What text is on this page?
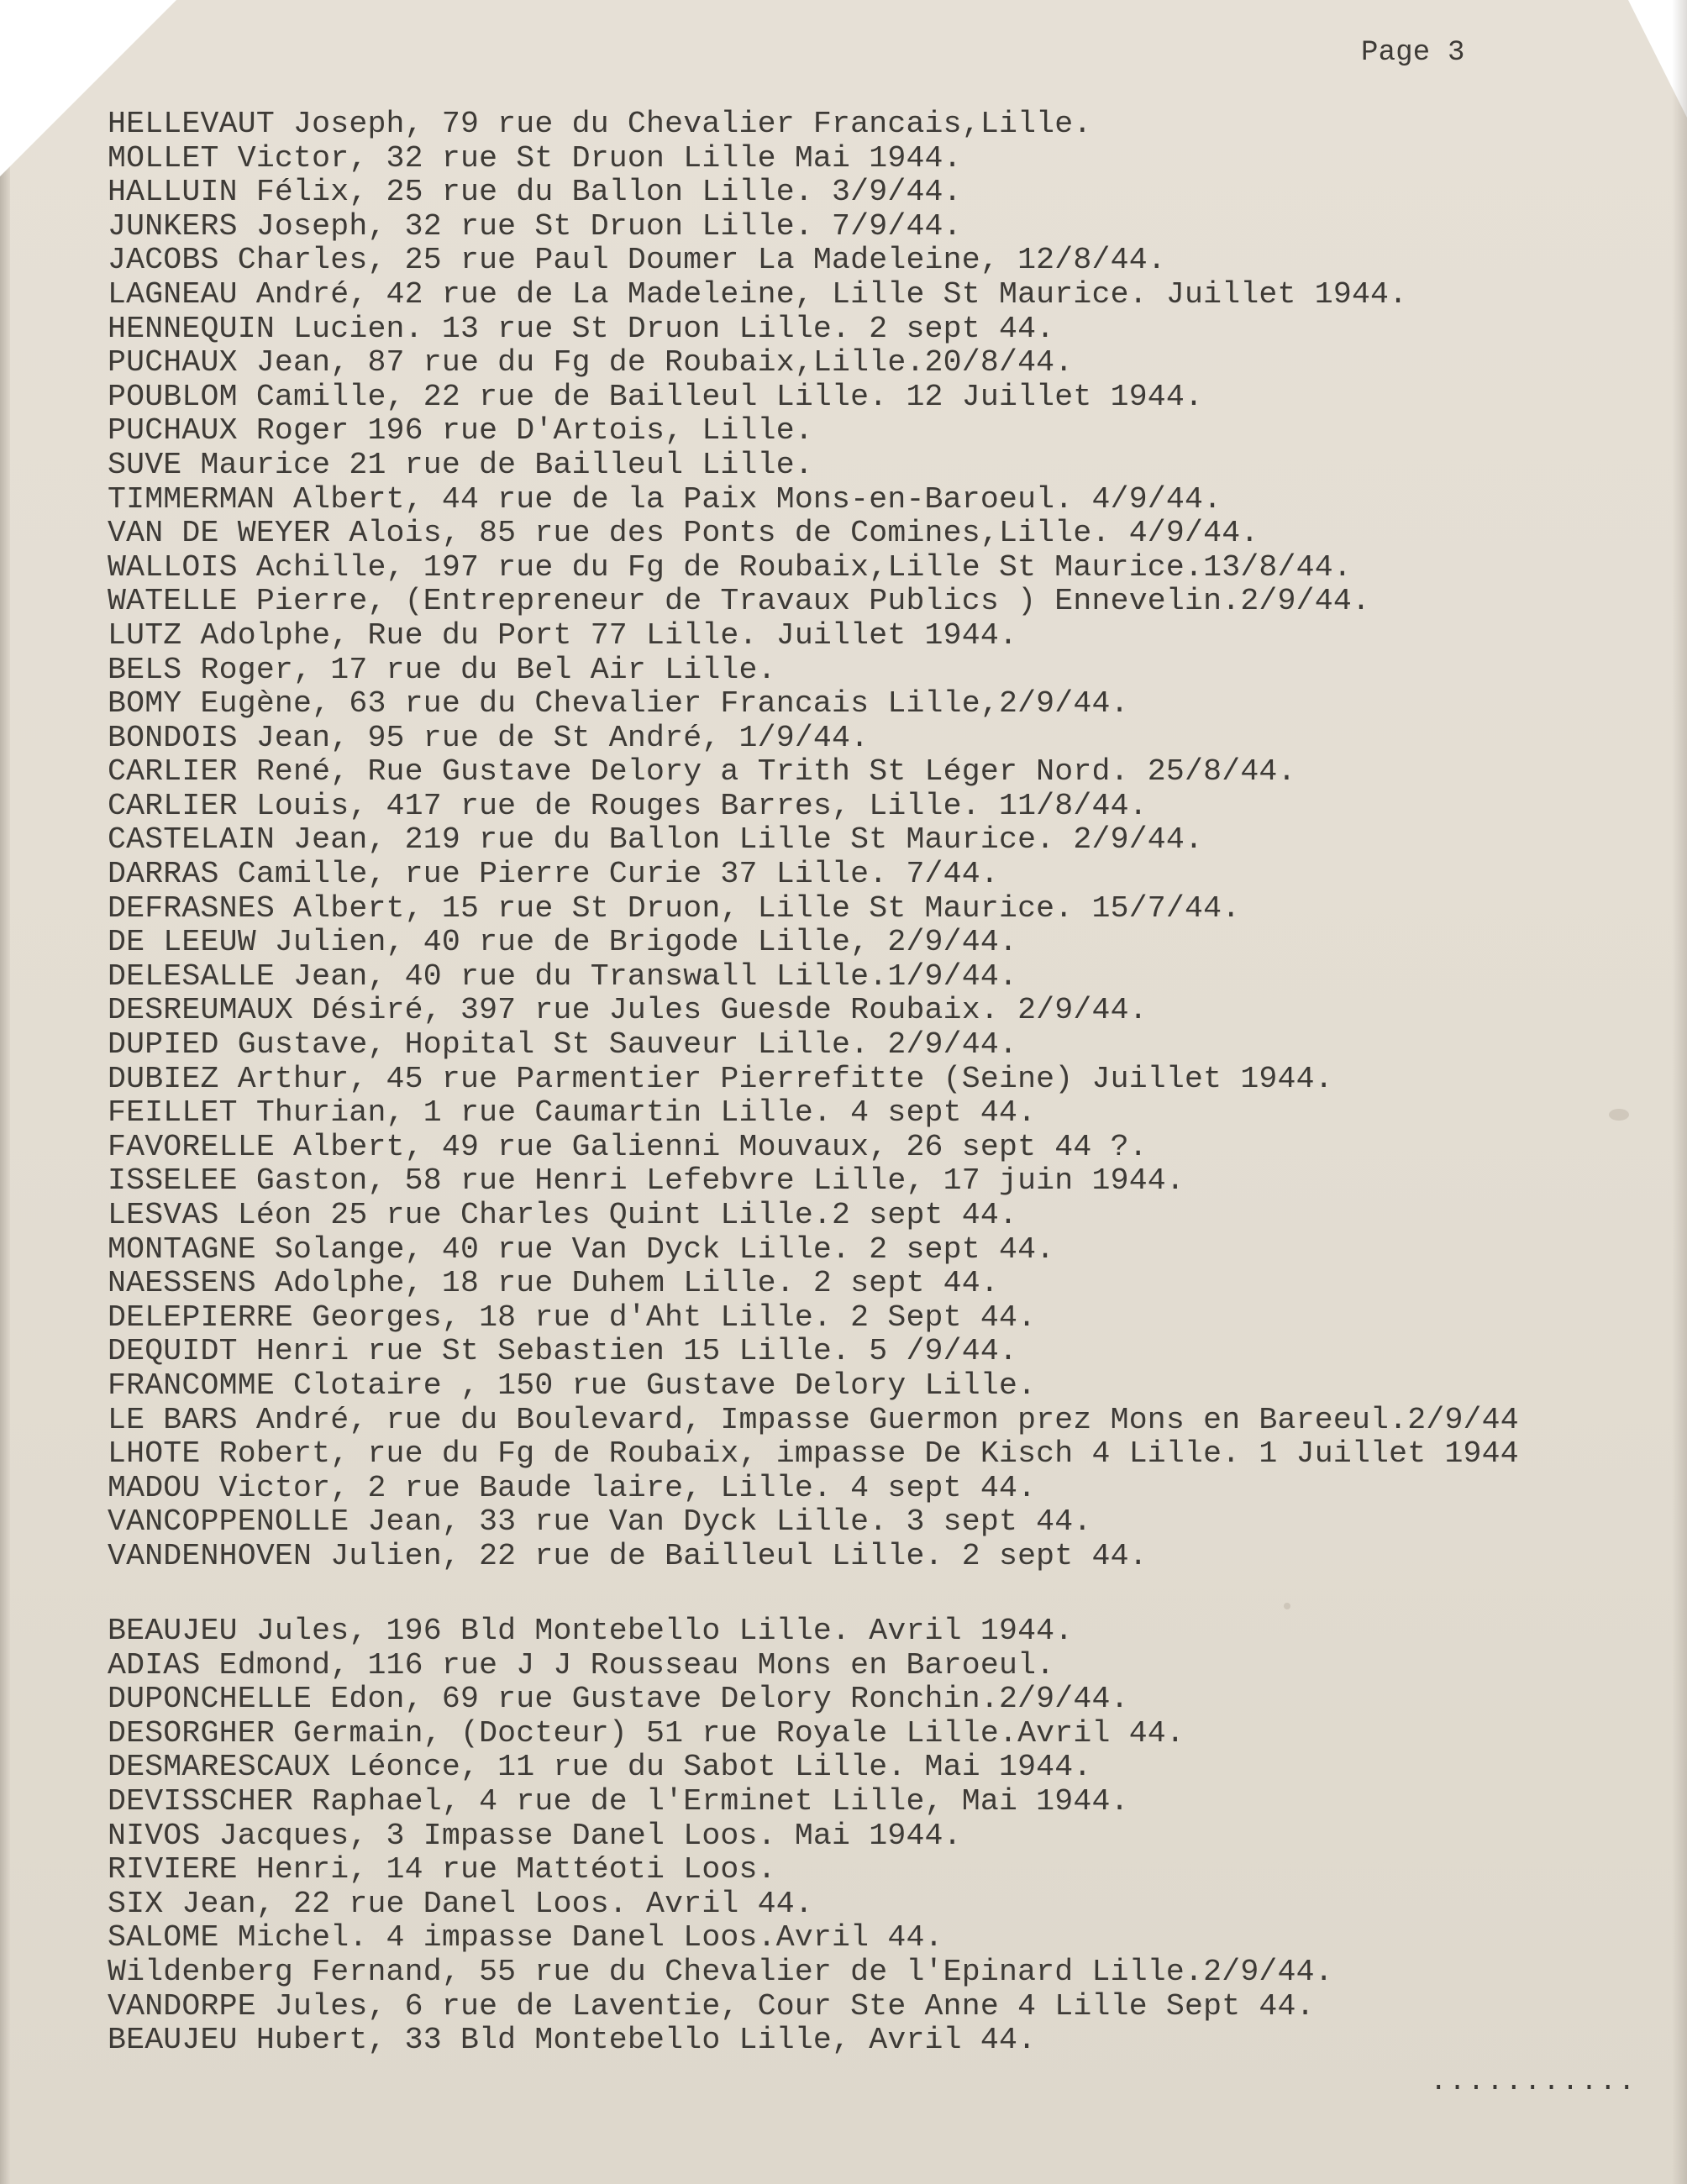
Page 3
HELLEVAUT Joseph, 79 rue du Chevalier Francais,Lille.
MOLLET Victor, 32 rue St Druon Lille Mai 1944.
HALLUIN Félix, 25 rue du Ballon Lille. 3/9/44.
JUNKERS Joseph, 32 rue St Druon Lille. 7/9/44.
JACOBS Charles, 25 rue Paul Doumer La Madeleine, 12/8/44.
LAGNEAU André, 42 rue de La Madeleine, Lille St Maurice. Juillet 1944.
HENNEQUIN Lucien. 13 rue St Druon Lille. 2 sept 44.
PUCHAUX Jean, 87 rue du Fg de Roubaix,Lille.20/8/44.
POUBLOM Camille, 22 rue de Bailleul Lille. 12 Juillet 1944.
PUCHAUX Roger 196 rue D'Artois, Lille.
SUVE Maurice 21 rue de Bailleul Lille.
TIMMERMAN Albert, 44 rue de la Paix Mons-en-Baroeul. 4/9/44.
VAN DE WEYER Alois, 85 rue des Ponts de Comines,Lille. 4/9/44.
WALLOIS Achille, 197 rue du Fg de Roubaix,Lille St Maurice.13/8/44.
WATELLE Pierre, (Entrepreneur de Travaux Publics ) Ennevelin.2/9/44.
LUTZ Adolphe, Rue du Port 77 Lille. Juillet 1944.
BELS Roger, 17 rue du Bel Air Lille.
BOMY Eugène, 63 rue du Chevalier Francais Lille,2/9/44.
BONDOIS Jean, 95 rue de St André, 1/9/44.
CARLIER René, Rue Gustave Delory a Trith St Léger Nord. 25/8/44.
CARLIER Louis, 417 rue de Rouges Barres, Lille. 11/8/44.
CASTELAIN Jean, 219 rue du Ballon Lille St Maurice. 2/9/44.
DARRAS Camille, rue Pierre Curie 37 Lille. 7/44.
DEFRASNES Albert, 15 rue St Druon, Lille St Maurice. 15/7/44.
DE LEEUW Julien, 40 rue de Brigode Lille, 2/9/44.
DELESALLE Jean, 40 rue du Transwall Lille.1/9/44.
DESREUMAUX Désiré, 397 rue Jules Guesde Roubaix. 2/9/44.
DUPIED Gustave, Hopital St Sauveur Lille. 2/9/44.
DUBIEZ Arthur, 45 rue Parmentier Pierrefitte (Seine) Juillet 1944.
FEILLET Thurian, 1 rue Caumartin Lille. 4 sept 44.
FAVORELLE Albert, 49 rue Galienni Mouvaux, 26 sept 44 ?.
ISSELEE Gaston, 58 rue Henri Lefebvre Lille, 17 juin 1944.
LESVAS Léon 25 rue Charles Quint Lille.2 sept 44.
MONTAGNE Solange, 40 rue Van Dyck Lille. 2 sept 44.
NAESSENS Adolphe, 18 rue Duhem Lille. 2 sept 44.
DELEPIERRE Georges, 18 rue d'Aht Lille. 2 Sept 44.
DEQUIDT Henri rue St Sebastien 15 Lille. 5 /9/44.
FRANCOMME Clotaire , 150 rue Gustave Delory Lille.
LE BARS André, rue du Boulevard, Impasse Guermon prez Mons en Bareeul.2/9/44
LHOTE Robert, rue du Fg de Roubaix, impasse De Kisch 4 Lille. 1 Juillet 1944
MADOU Victor, 2 rue Baude laire, Lille. 4 sept 44.
VANCOPPENOLLE Jean, 33 rue Van Dyck Lille. 3 sept 44.
VANDENHOVEN Julien, 22 rue de Bailleul Lille. 2 sept 44.
BEAUJEU Jules, 196 Bld Montebello Lille. Avril 1944.
ADIAS Edmond, 116 rue J J Rousseau Mons en Baroeul.
DUPONCHELLE Edon, 69 rue Gustave Delory Ronchin.2/9/44.
DESORGHER Germain, (Docteur) 51 rue Royale Lille.Avril 44.
DESMARESCAUX Léonce, 11 rue du Sabot Lille. Mai 1944.
DEVISSCHER Raphael, 4 rue de l'Erminet Lille, Mai 1944.
NIVOS Jacques, 3 Impasse Danel Loos. Mai 1944.
RIVIERE Henri, 14 rue Mattéoti Loos.
SIX Jean, 22 rue Danel Loos. Avril 44.
SALOME Michel. 4 impasse Danel Loos.Avril 44.
Wildenberg Fernand, 55 rue du Chevalier de l'Epinard Lille.2/9/44.
VANDORPE Jules, 6 rue de Laventie, Cour Ste Anne 4 Lille Sept 44.
BEAUJEU Hubert, 33 Bld Montebello Lille, Avril 44.
...........
